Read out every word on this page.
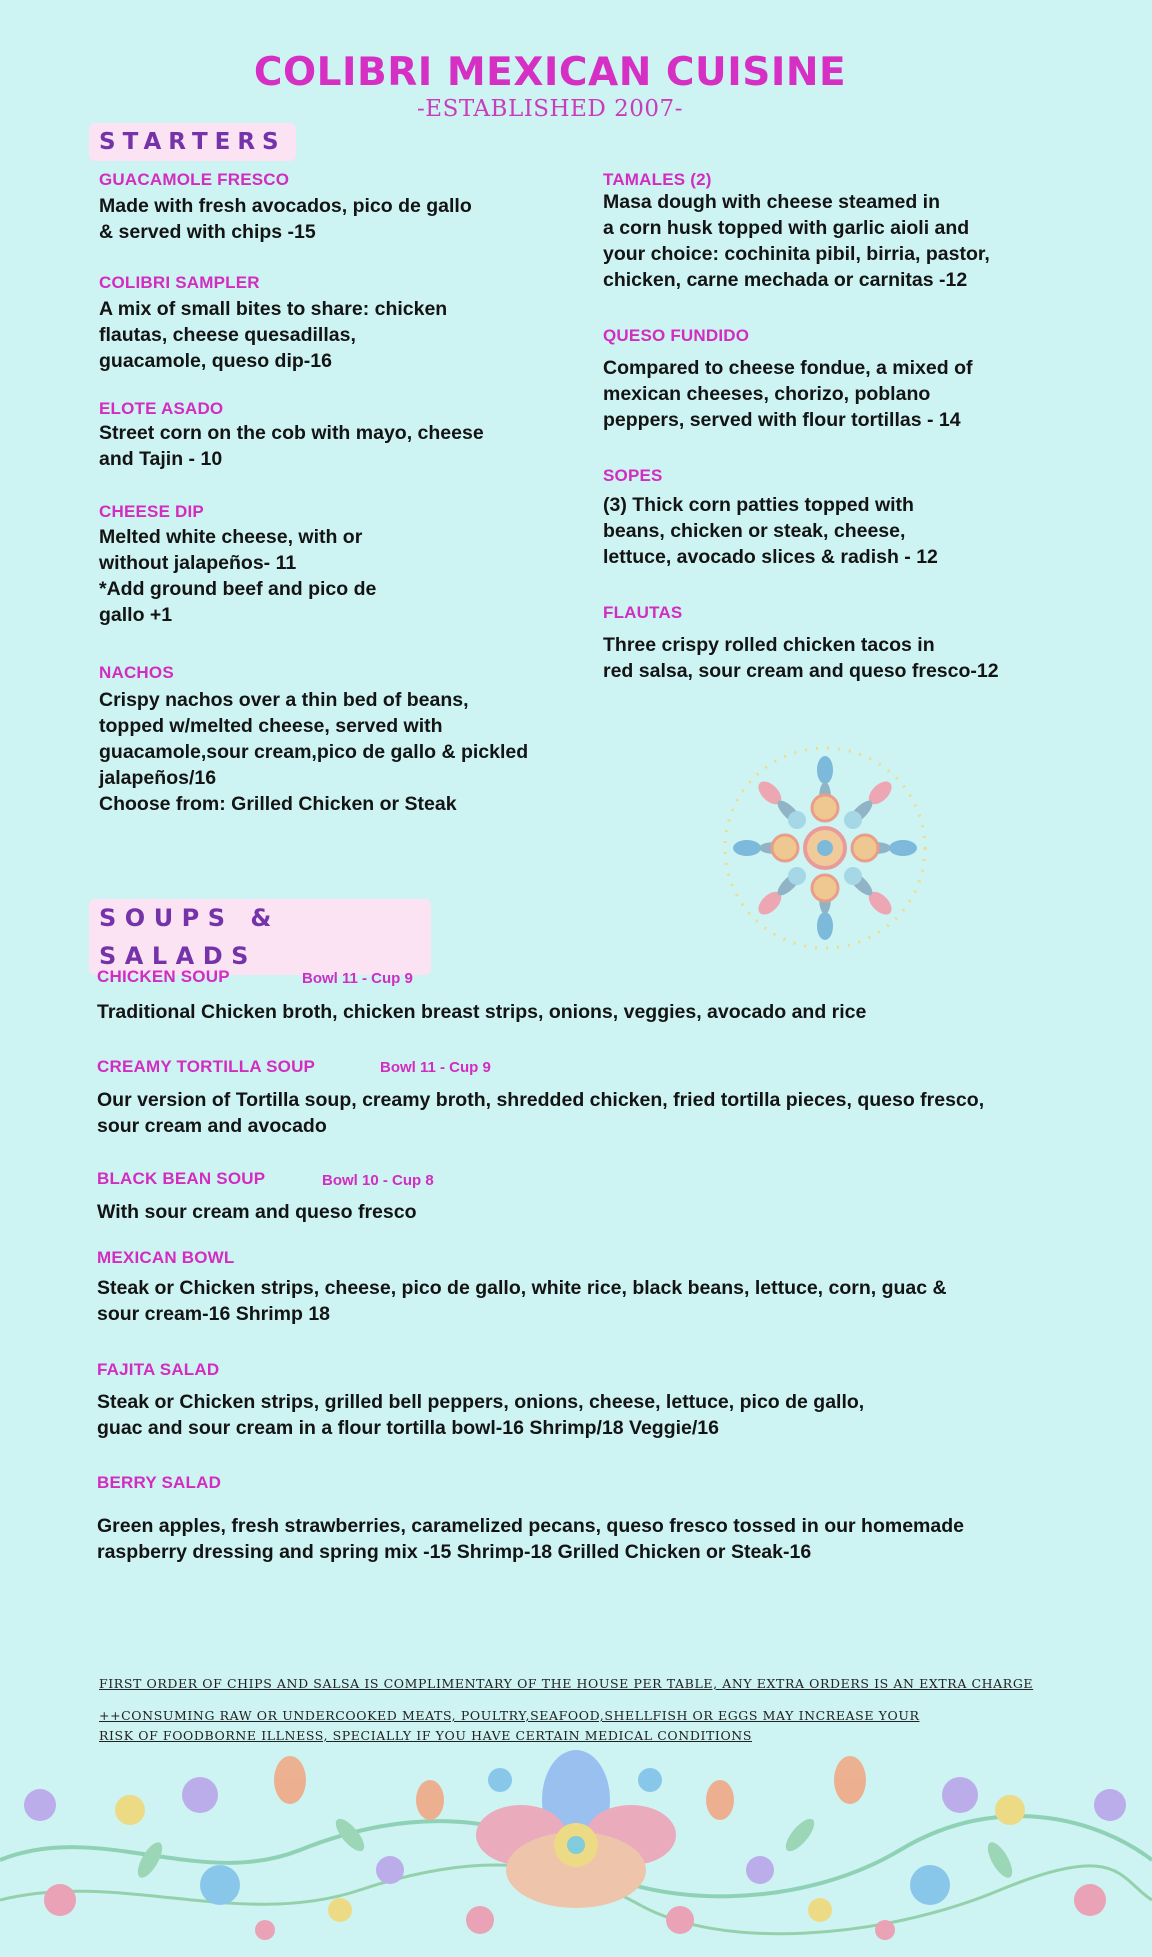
COLIBRI MEXICAN CUISINE
-ESTABLISHED 2007-
STARTERS
GUACAMOLE FRESCO
Made with fresh avocados, pico de gallo
& served with chips -15
COLIBRI SAMPLER
A mix of small bites to share: chicken
flautas, cheese quesadillas,
guacamole, queso dip-16
ELOTE ASADO
Street corn on the cob with mayo, cheese
and Tajin - 10
CHEESE DIP
Melted white cheese, with or
without jalapeños- 11
*Add ground beef and pico de
gallo +1
NACHOS
Crispy nachos over a thin bed of beans,
topped w/melted cheese, served with
guacamole,sour cream,pico de gallo & pickled
jalapeños/16
Choose from: Grilled Chicken or Steak
TAMALES (2)
Masa dough with cheese steamed in
a corn husk topped with garlic aioli and
your choice: cochinita pibil, birria, pastor,
chicken, carne mechada or carnitas -12
QUESO FUNDIDO
Compared to cheese fondue, a mixed of
mexican cheeses, chorizo, poblano
peppers, served with flour tortillas - 14
SOPES
(3) Thick corn patties topped with
beans, chicken or steak, cheese,
lettuce, avocado slices & radish - 12
FLAUTAS
Three crispy rolled chicken tacos in
red salsa, sour cream and queso fresco-12
SOUPS & SALADS
CHICKEN SOUP	Bowl 11 - Cup 9
Traditional Chicken broth, chicken breast strips, onions, veggies, avocado and rice
CREAMY TORTILLA SOUP	Bowl 11 - Cup 9
Our version of Tortilla soup, creamy broth, shredded chicken, fried tortilla pieces, queso fresco,
sour cream and avocado
BLACK BEAN SOUP	Bowl 10 - Cup 8
With sour cream and queso fresco
MEXICAN BOWL
Steak or Chicken strips, cheese, pico de gallo, white rice, black beans, lettuce, corn, guac &
sour cream-16 Shrimp 18
FAJITA SALAD
Steak or Chicken strips, grilled bell peppers, onions, cheese, lettuce, pico de gallo,
guac and sour cream in a flour tortilla bowl-16 Shrimp/18 Veggie/16
BERRY SALAD
Green apples, fresh strawberries, caramelized pecans, queso fresco tossed in our homemade
raspberry dressing and spring mix -15 Shrimp-18 Grilled Chicken or Steak-16
FIRST ORDER OF CHIPS AND SALSA IS COMPLIMENTARY OF THE HOUSE PER TABLE, ANY EXTRA ORDERS IS AN EXTRA CHARGE
++CONSUMING RAW OR UNDERCOOKED MEATS, POULTRY,SEAFOOD,SHELLFISH OR EGGS MAY INCREASE YOUR
RISK OF FOODBORNE ILLNESS, SPECIALLY IF YOU HAVE CERTAIN MEDICAL CONDITIONS
